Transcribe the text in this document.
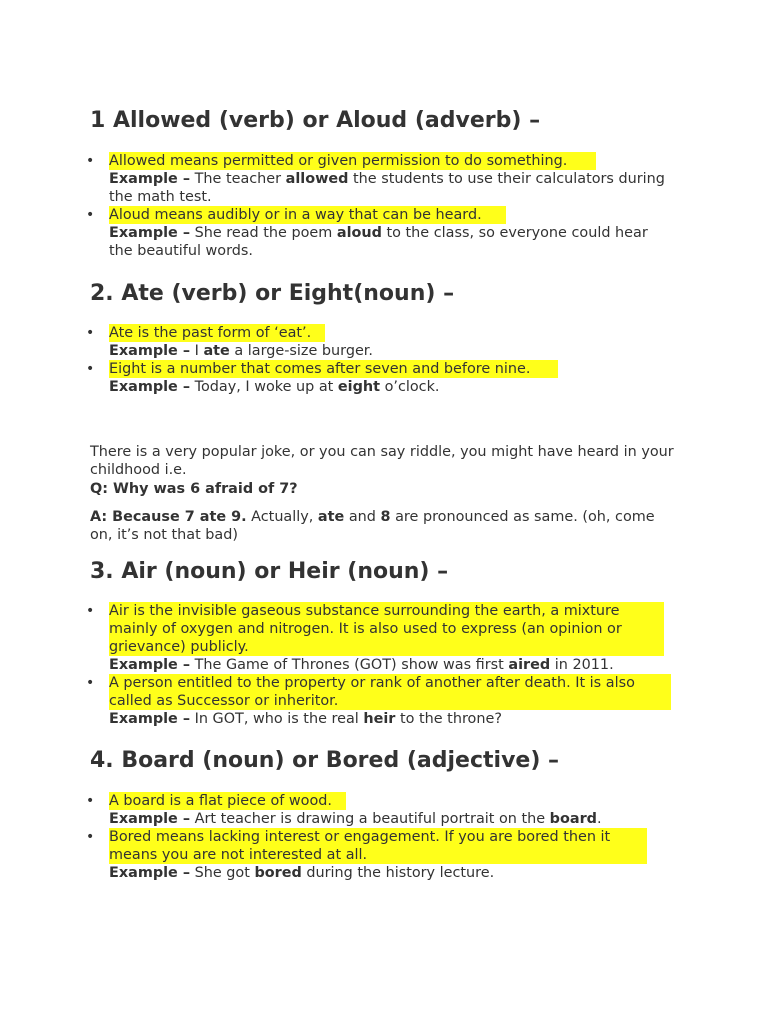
1 Allowed (verb) or Aloud (adverb) –
• Allowed means permitted or given permission to do something.
Example – The teacher allowed the students to use their calculators during the math test.
• Aloud means audibly or in a way that can be heard.
Example – She read the poem aloud to the class, so everyone could hear the beautiful words.
2. Ate (verb) or Eight(noun) –
• Ate is the past form of ‘eat’.
Example – I ate a large-size burger.
• Eight is a number that comes after seven and before nine.
Example – Today, I woke up at eight o’clock.

There is a very popular joke, or you can say riddle, you might have heard in your childhood i.e.

Q: Why was 6 afraid of 7?

A: Because 7 ate 9. Actually, ate and 8 are pronounced as same. (oh, come on, it’s not that bad)

3. Air (noun) or Heir (noun) –
• Air is the invisible gaseous substance surrounding the earth, a mixture mainly of oxygen and nitrogen. It is also used to express (an opinion or grievance) publicly.
Example – The Game of Thrones (GOT) show was first aired in 2011.
• A person entitled to the property or rank of another after death. It is also called as Successor or inheritor.
Example – In GOT, who is the real heir to the throne?
4. Board (noun) or Bored (adjective) –
• A board is a flat piece of wood.
Example – Art teacher is drawing a beautiful portrait on the board.
• Bored means lacking interest or engagement. If you are bored then it means you are not interested at all.
Example – She got bored during the history lecture.
